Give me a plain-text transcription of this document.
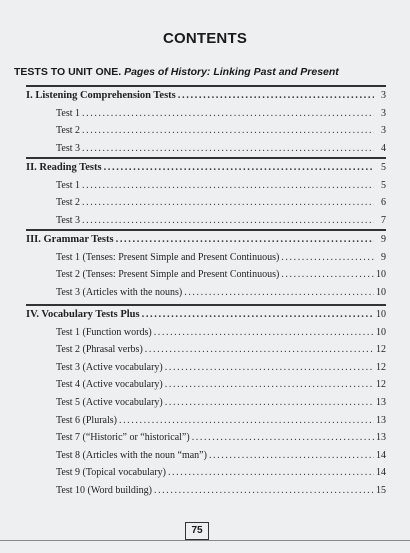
CONTENTS
TESTS TO UNIT ONE. Pages of History: Linking Past and Present
I. Listening Comprehension Tests .....	3
Test 1 .....	3
Test 2 .....	3
Test 3 .....	4
II. Reading Tests .....	5
Test 1 .....	5
Test 2 .....	6
Test 3 .....	7
III. Grammar Tests .....	9
Test 1 (Tenses: Present Simple and Present Continuous) .....	9
Test 2 (Tenses: Present Simple and Present Continuous) .....	10
Test 3 (Articles with the nouns) .....	10
IV. Vocabulary Tests Plus .....	10
Test 1 (Function words) .....	10
Test 2 (Phrasal verbs) .....	12
Test 3 (Active vocabulary) .....	12
Test 4 (Active vocabulary) .....	12
Test 5 (Active vocabulary) .....	13
Test 6 (Plurals) .....	13
Test 7 (“Historic” or “historical”) .....	13
Test 8 (Articles with the noun “man”) .....	14
Test 9 (Topical vocabulary) .....	14
Test 10 (Word building) .....	15
75
